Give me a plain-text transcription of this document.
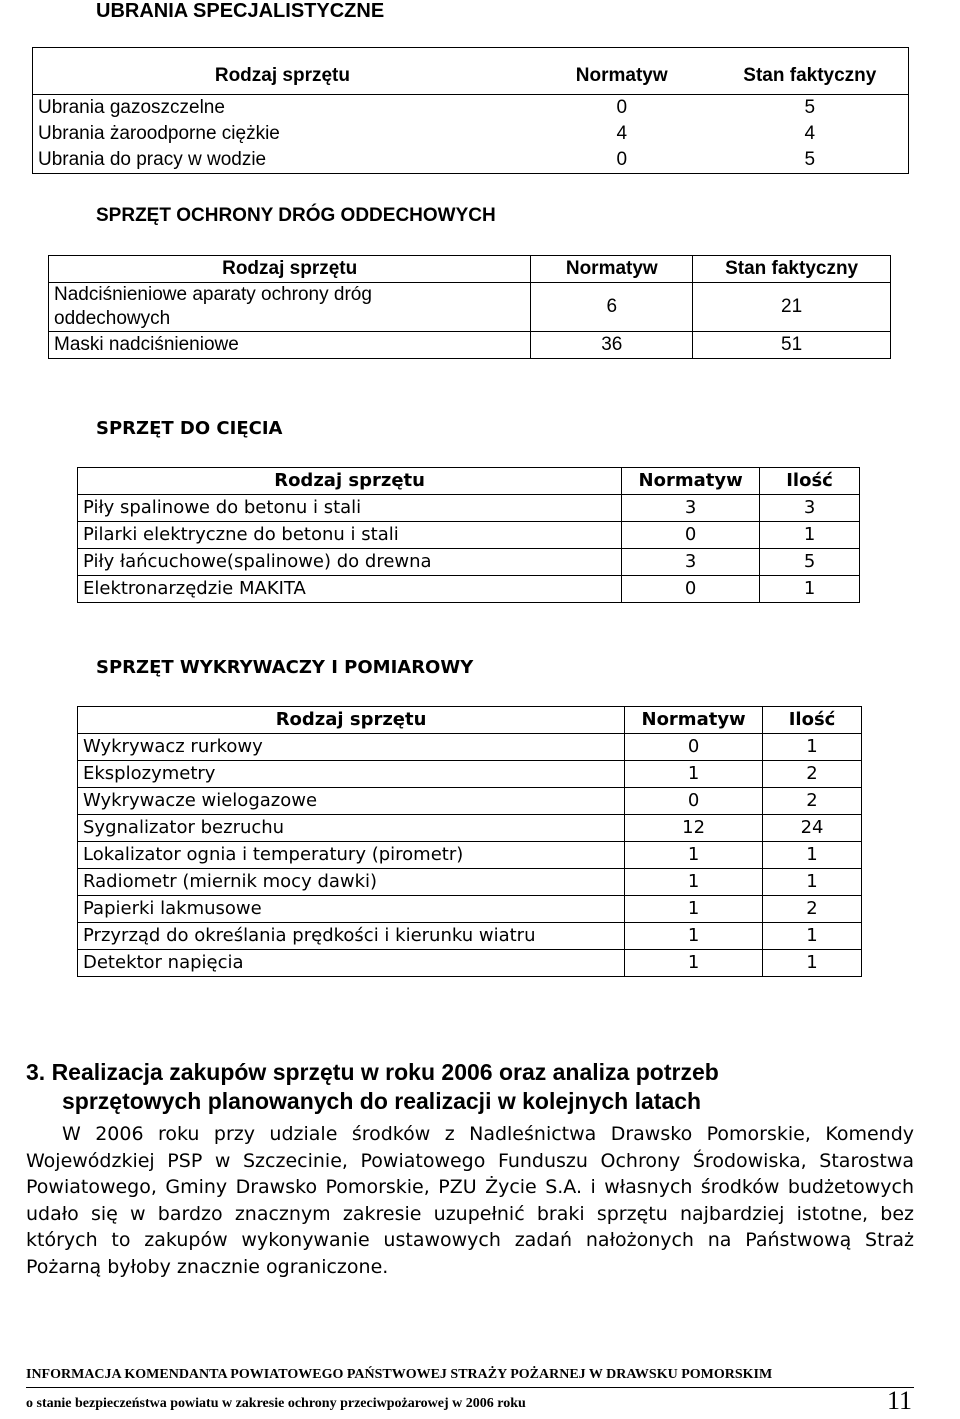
UBRANIA SPECJALISTYCZNE
Rodzaj sprzętu	Normatyw	Stan faktyczny
Ubrania gazoszczelne	0	5
Ubrania żaroodporne ciężkie	4	4
Ubrania do pracy w wodzie	0	5
SPRZĘT OCHRONY DRÓG ODDECHOWYCH
Rodzaj sprzętu	Normatyw	Stan faktyczny
Nadciśnieniowe aparaty ochrony dróg oddechowych	6	21
Maski nadciśnieniowe	36	51
SPRZĘT DO CIĘCIA
Rodzaj sprzętu	Normatyw	Ilość
Piły spalinowe do betonu i stali	3	3
Pilarki elektryczne do betonu i stali	0	1
Piły łańcuchowe(spalinowe) do drewna	3	5
Elektronarzędzie MAKITA	0	1
SPRZĘT WYKRYWACZY I POMIAROWY
Rodzaj sprzętu	Normatyw	Ilość
Wykrywacz rurkowy	0	1
Eksplozymetry	1	2
Wykrywacze wielogazowe	0	2
Sygnalizator bezruchu	12	24
Lokalizator ognia i temperatury (pirometr)	1	1
Radiometr (miernik mocy dawki)	1	1
Papierki lakmusowe	1	2
Przyrząd do określania prędkości i kierunku wiatru	1	1
Detektor napięcia	1	1
3. Realizacja zakupów sprzętu w roku 2006 oraz analiza potrzeb
sprzętowych planowanych do realizacji w kolejnych latach
W 2006 roku przy udziale środków z Nadleśnictwa Drawsko Pomorskie, Komendy Wojewódzkiej PSP w Szczecinie, Powiatowego Funduszu Ochrony Środowiska, Starostwa Powiatowego, Gminy Drawsko Pomorskie, PZU Życie S.A. i własnych środków budżetowych udało się w bardzo znacznym zakresie uzupełnić braki sprzętu najbardziej istotne, bez których to zakupów wykonywanie ustawowych zadań nałożonych na Państwową Straż Pożarną byłoby znacznie ograniczone.
INFORMACJA KOMENDANTA POWIATOWEGO PAŃSTWOWEJ STRAŻY POŻARNEJ W DRAWSKU POMORSKIM
o stanie bezpieczeństwa powiatu w zakresie ochrony przeciwpożarowej w 2006 roku	11
